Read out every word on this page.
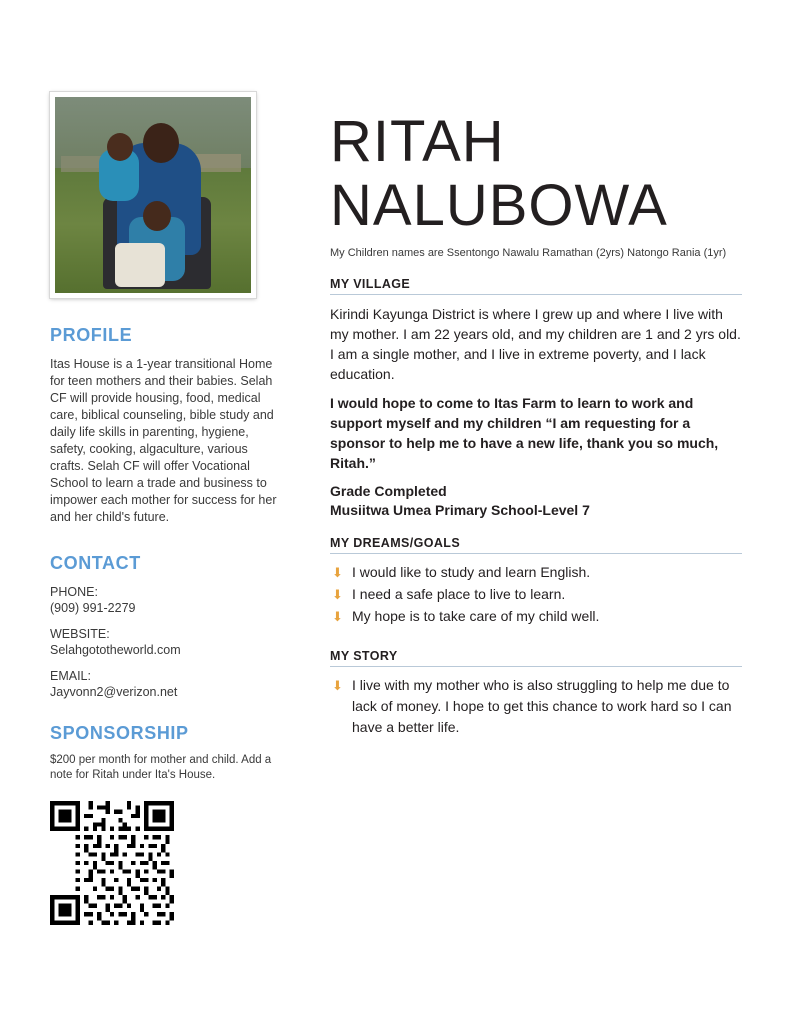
PROFILE
Itas House is a 1-year transitional Home for teen mothers and their babies. Selah CF will provide housing, food, medical care, biblical counseling, bible study and daily life skills in parenting, hygiene, safety, cooking, algaculture, various crafts. Selah CF will offer Vocational School to learn a trade and business to impower each mother for success for her and her child's future.
CONTACT
PHONE:
(909) 991-2279
WEBSITE:
Selahgototheworld.com
EMAIL:
Jayvonn2@verizon.net
SPONSORSHIP
$200 per month for mother and child. Add a note for Ritah under Ita's House.
RITAH
NALUBOWA
My Children names are Ssentongo Nawalu Ramathan (2yrs) Natongo Rania (1yr)
MY VILLAGE
Kirindi Kayunga District is where I grew up and where I live with my mother. I am 22 years old, and my children are 1 and 2 yrs old. I am a single mother, and I live in extreme poverty, and I lack education.
I would hope to come to Itas Farm to learn to work and support myself and my children “I am requesting for a sponsor to help me to have a new life, thank you so much, Ritah.”
Grade Completed
Musiitwa Umea Primary School-Level 7
MY DREAMS/GOALS
⬇ I would like to study and learn English.
⬇ I need a safe place to live to learn.
⬇ My hope is to take care of my child well.
MY STORY
⬇ I live with my mother who is also struggling to help me due to lack of money. I hope to get this chance to work hard so I can have a better life.
